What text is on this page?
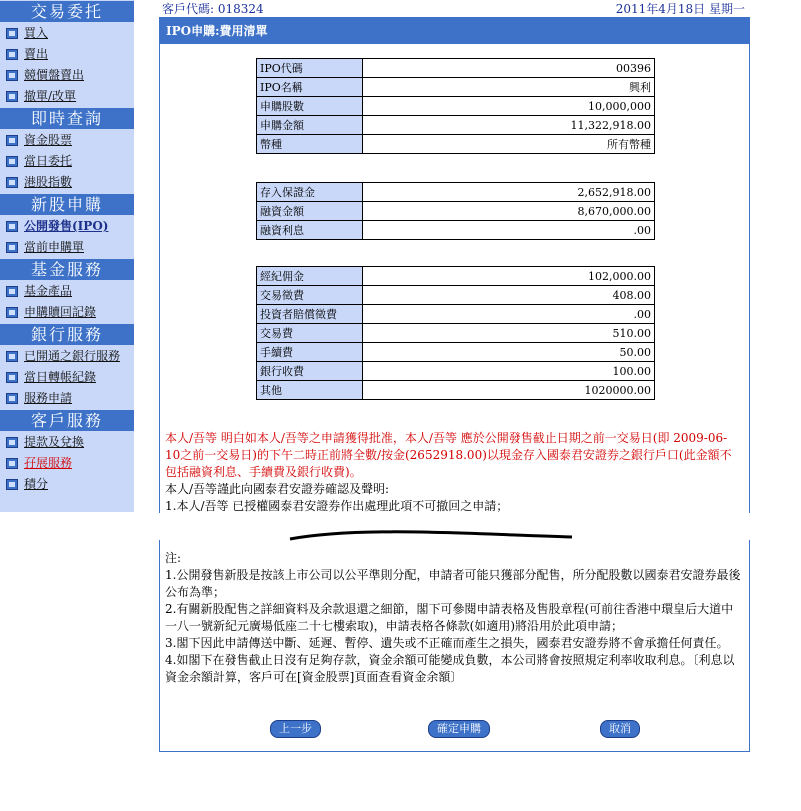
交易委托
買入
賣出
競價盤賣出
撤單/改單
即時查詢
資金股票
當日委托
港股指數
新股申購
公開發售(IPO)
當前申購單
基金服務
基金產品
申購贖回記錄
銀行服務
已開通之銀行服務
當日轉帳紀錄
服務申請
客戶服務
提款及兌換
孖展服務
積分
客戶代碼: 018324	2011年4月18日 星期一
IPO申購:費用清單
IPO代碼	00396
IPO名稱	興利
申購股數	10,000,000
申購金額	11,322,918.00
幣種	所有幣種
存入保證金	2,652,918.00
融資金額	8,670,000.00
融資利息	.00
經紀佣金	102,000.00
交易徵費	408.00
投資者賠償徵費	.00
交易費	510.00
手續費	50.00
銀行收費	100.00
其他	1020000.00
本人/吾等 明白如本人/吾等之申請獲得批准，本人/吾等 應於公開發售截止日期之前一交易日(即 2009-06-10之前一交易日)的下午二時正前將全數/按金(2652918.00)以現金存入國泰君安證券之銀行戶口(此金額不包括融資利息、手續費及銀行收費)。
本人/吾等謹此向國泰君安證券確認及聲明:
1.本人/吾等 已授權國泰君安證券作出處理此項不可撤回之申請；

注:

1.公開發售新股是按該上市公司以公平準則分配，申請者可能只獲部分配售，所分配股數以國泰君安證券最後公布為準；

2.有關新股配售之詳細資料及余款退還之細節，閣下可參閱申請表格及售股章程(可前往香港中環皇后大道中一八一號新紀元廣場低座二十七樓索取)，申請表格各條款(如適用)將沿用於此項申請；

3.閣下因此申請傳送中斷、延遲、暫停、遺失或不正確而產生之損失，國泰君安證券將不會承擔任何責任。

4.如閣下在發售截止日沒有足夠存款，資金余額可能變成負數，本公司將會按照規定利率收取利息。〔利息以資金余額計算，客戶可在[資金股票]頁面查看資金余額〕

上一步	確定申購	取消
